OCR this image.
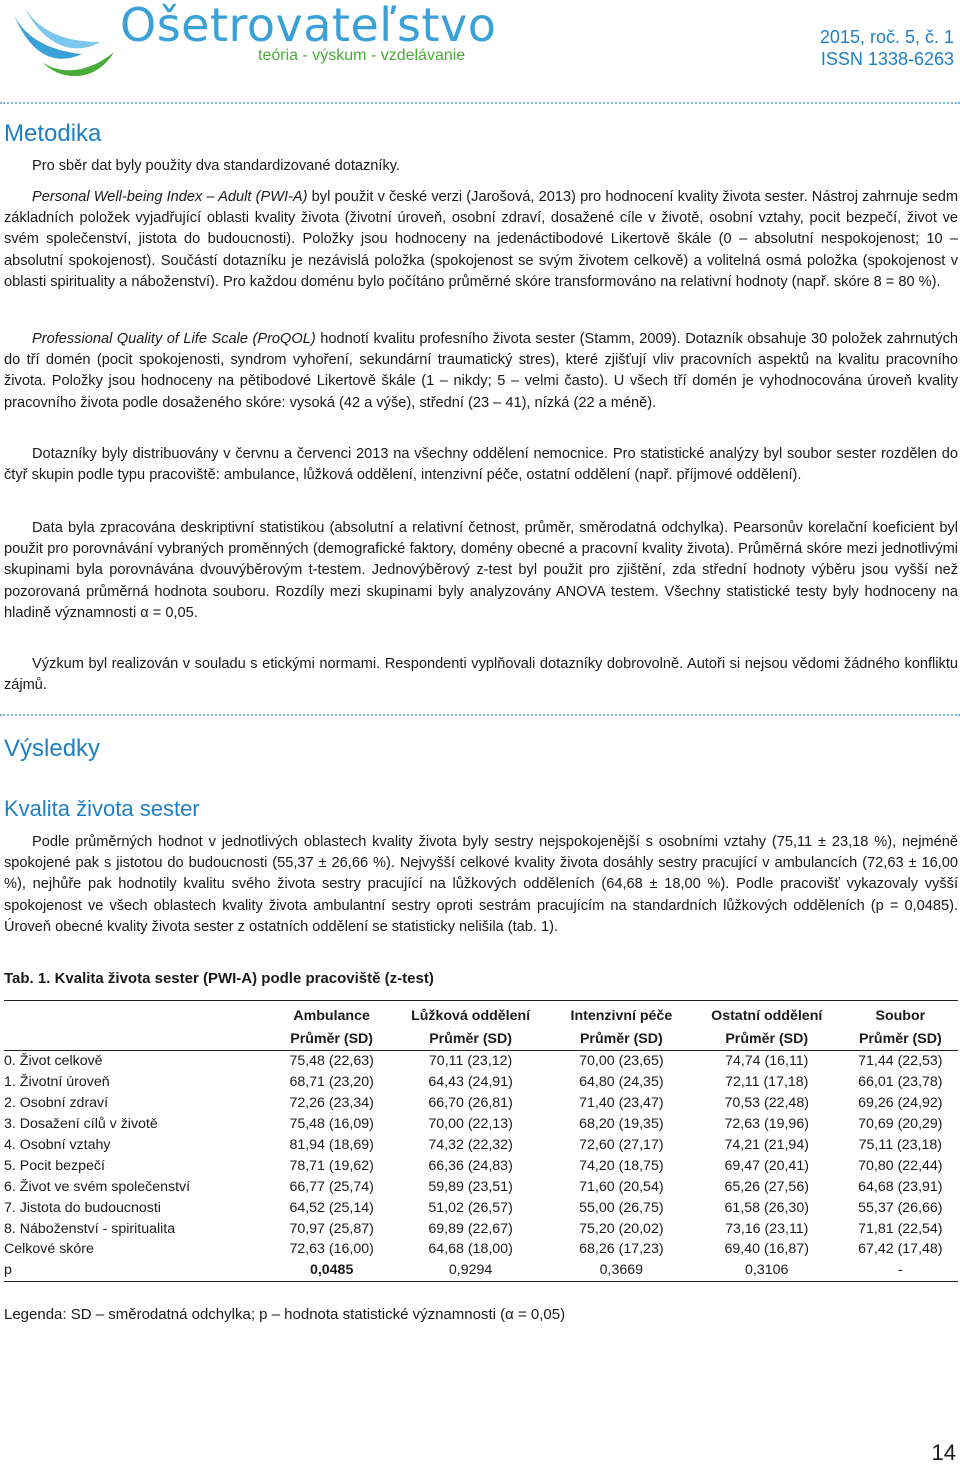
Ošetrovateľstvo
teória - výskum - vzdelávanie
2015, roč. 5, č. 1
ISSN 1338-6263
Metodika

Pro sběr dat byly použity dva standardizované dotazníky.

Personal Well-being Index – Adult (PWI-A) byl použit v české verzi (Jarošová, 2013) pro hodnocení kvality života sester. Nástroj zahrnuje sedm základních položek vyjadřující oblasti kvality života (životní úroveň, osobní zdraví, dosažené cíle v životě, osobní vztahy, pocit bezpečí, život ve svém společenství, jistota do budoucnosti). Položky jsou hodnoceny na jedenáctibodové Likertově škále (0 – absolutní nespokojenost; 10 – absolutní spokojenost). Součástí dotazníku je nezávislá položka (spokojenost se svým životem celkově) a volitelná osmá položka (spokojenost v oblasti spirituality a náboženství). Pro každou doménu bylo počítáno průměrné skóre transformováno na relativní hodnoty (např. skóre 8 = 80 %).

Professional Quality of Life Scale (ProQOL) hodnotí kvalitu profesního života sester (Stamm, 2009). Dotazník obsahuje 30 položek zahrnutých do tří domén (pocit spokojenosti, syndrom vyhoření, sekundární traumatický stres), které zjišťují vliv pracovních aspektů na kvalitu pracovního života. Položky jsou hodnoceny na pětibodové Likertově škále (1 – nikdy; 5 – velmi často). U všech tří domén je vyhodnocována úroveň kvality pracovního života podle dosaženého skóre: vysoká (42 a výše), střední (23 – 41), nízká (22 a méně).

Dotazníky byly distribuovány v červnu a červenci 2013 na všechny oddělení nemocnice. Pro statistické analýzy byl soubor sester rozdělen do čtyř skupin podle typu pracoviště: ambulance, lůžková oddělení, intenzivní péče, ostatní oddělení (např. příjmové oddělení).

Data byla zpracována deskriptivní statistikou (absolutní a relativní četnost, průměr, směrodatná odchylka). Pearsonův korelační koeficient byl použit pro porovnávání vybraných proměnných (demografické faktory, domény obecné a pracovní kvality života). Průměrná skóre mezi jednotlivými skupinami byla porovnávána dvouvýběrovým t-testem. Jednovýběrový z-test byl použit pro zjištění, zda střední hodnoty výběru jsou vyšší než pozorovaná průměrná hodnota souboru. Rozdíly mezi skupinami byly analyzovány ANOVA testem. Všechny statistické testy byly hodnoceny na hladině významnosti α = 0,05.

Výzkum byl realizován v souladu s etickými normami. Respondenti vyplňovali dotazníky dobrovolně. Autoři si nejsou vědomi žádného konfliktu zájmů.

Výsledky
Kvalita života sester

Podle průměrných hodnot v jednotlivých oblastech kvality života byly sestry nejspokojenější s osobními vztahy (75,11 ± 23,18 %), nejméně spokojené pak s jistotou do budoucnosti (55,37 ± 26,66 %). Nejvyšší celkové kvality života dosáhly sestry pracující v ambulancích (72,63 ± 16,00 %), nejhůře pak hodnotily kvalitu svého života sestry pracující na lůžkových odděleních (64,68 ± 18,00 %). Podle pracovišť vykazovaly vyšší spokojenost ve všech oblastech kvality života ambulantní sestry oproti sestrám pracujícím na standardních lůžkových odděleních (p = 0,0485). Úroveň obecné kvality života sester z ostatních oddělení se statisticky nelišila (tab. 1).

Tab. 1. Kvalita života sester (PWI-A) podle pracoviště (z-test)

	Ambulance	Lůžková oddělení	Intenzivní péče	Ostatní oddělení	Soubor
	Průměr (SD)	Průměr (SD)	Průměr (SD)	Průměr (SD)	Průměr (SD)
0. Život celkově	75,48 (22,63)	70,11 (23,12)	70,00 (23,65)	74,74 (16,11)	71,44 (22,53)
1. Životní úroveň	68,71 (23,20)	64,43 (24,91)	64,80 (24,35)	72,11 (17,18)	66,01 (23,78)
2. Osobní zdraví	72,26 (23,34)	66,70 (26,81)	71,40 (23,47)	70,53 (22,48)	69,26 (24,92)
3. Dosažení cílů v životě	75,48 (16,09)	70,00 (22,13)	68,20 (19,35)	72,63 (19,96)	70,69 (20,29)
4. Osobní vztahy	81,94 (18,69)	74,32 (22,32)	72,60 (27,17)	74,21 (21,94)	75,11 (23,18)
5. Pocit bezpečí	78,71 (19,62)	66,36 (24,83)	74,20 (18,75)	69,47 (20,41)	70,80 (22,44)
6. Život ve svém společenství	66,77 (25,74)	59,89 (23,51)	71,60 (20,54)	65,26 (27,56)	64,68 (23,91)
7. Jistota do budoucnosti	64,52 (25,14)	51,02 (26,57)	55,00 (26,75)	61,58 (26,30)	55,37 (26,66)
8. Náboženství - spiritualita	70,97 (25,87)	69,89 (22,67)	75,20 (20,02)	73,16 (23,11)	71,81 (22,54)
Celkové skóre	72,63 (16,00)	64,68 (18,00)	68,26 (17,23)	69,40 (16,87)	67,42 (17,48)
p	0,0485	0,9294	0,3669	0,3106	-

Legenda: SD – směrodatná odchylka; p – hodnota statistické významnosti (α = 0,05)

14
